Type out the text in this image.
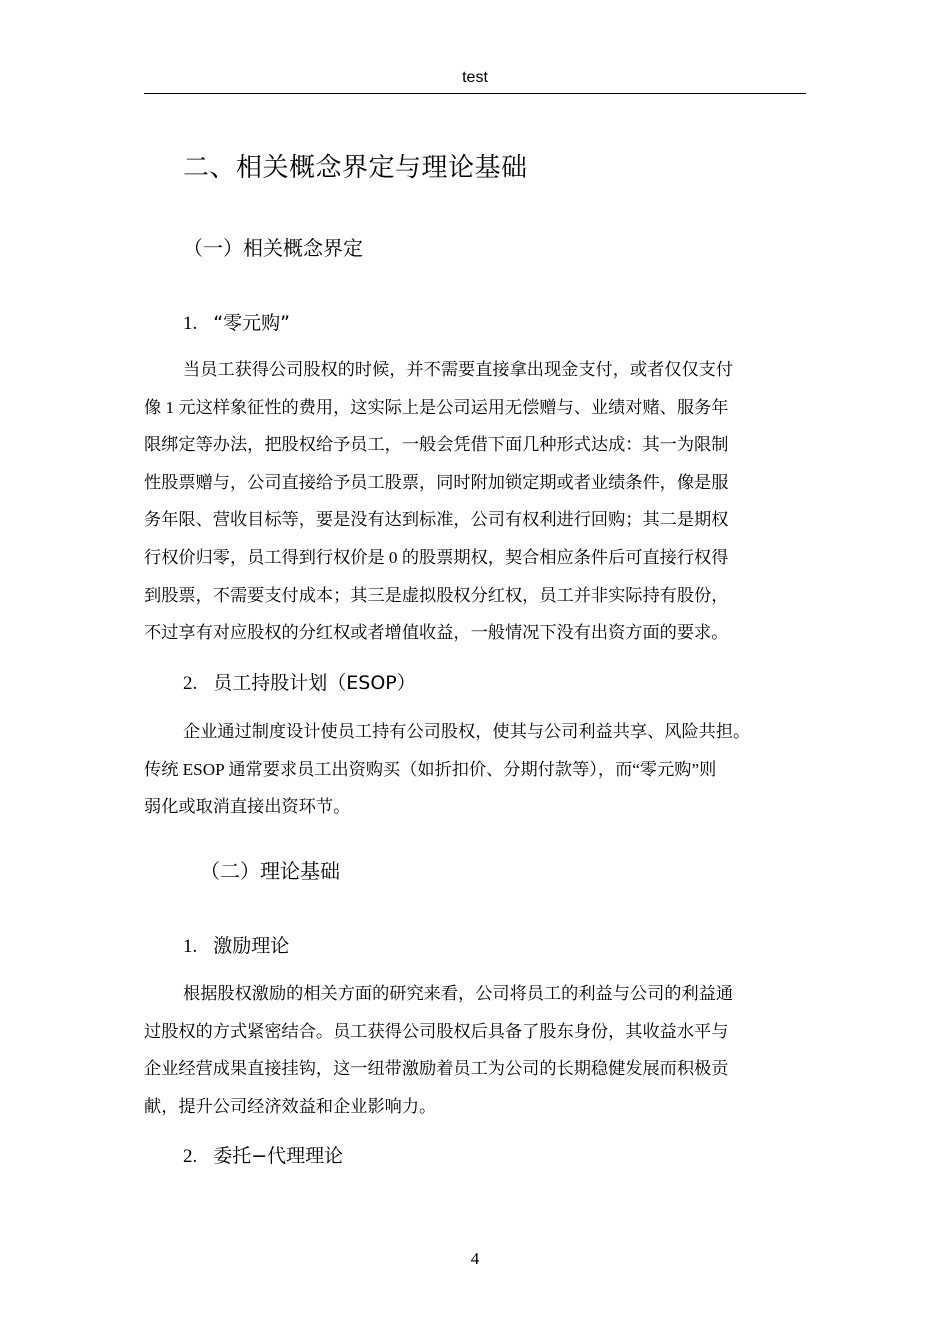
test
二、相关概念界定与理论基础
（一）相关概念界定
1. “零元购”
当员工获得公司股权的时候，并不需要直接拿出现金支付，或者仅仅支付
像 1 元这样象征性的费用，这实际上是公司运用无偿赠与、业绩对赌、服务年
限绑定等办法，把股权给予员工，一般会凭借下面几种形式达成：其一为限制
性股票赠与，公司直接给予员工股票，同时附加锁定期或者业绩条件，像是服
务年限、营收目标等，要是没有达到标准，公司有权利进行回购；其二是期权
行权价归零，员工得到行权价是 0 的股票期权，契合相应条件后可直接行权得
到股票，不需要支付成本；其三是虚拟股权分红权，员工并非实际持有股份，
不过享有对应股权的分红权或者增值收益，一般情况下没有出资方面的要求。
2. 员工持股计划（ESOP）
企业通过制度设计使员工持有公司股权，使其与公司利益共享、风险共担。
传统 ESOP 通常要求员工出资购买（如折扣价、分期付款等），而“零元购”则
弱化或取消直接出资环节。
（二）理论基础
1. 激励理论
根据股权激励的相关方面的研究来看，公司将员工的利益与公司的利益通
过股权的方式紧密结合。员工获得公司股权后具备了股东身份，其收益水平与
企业经营成果直接挂钩，这一纽带激励着员工为公司的长期稳健发展而积极贡
献，提升公司经济效益和企业影响力。
2. 委托−代理理论
4
